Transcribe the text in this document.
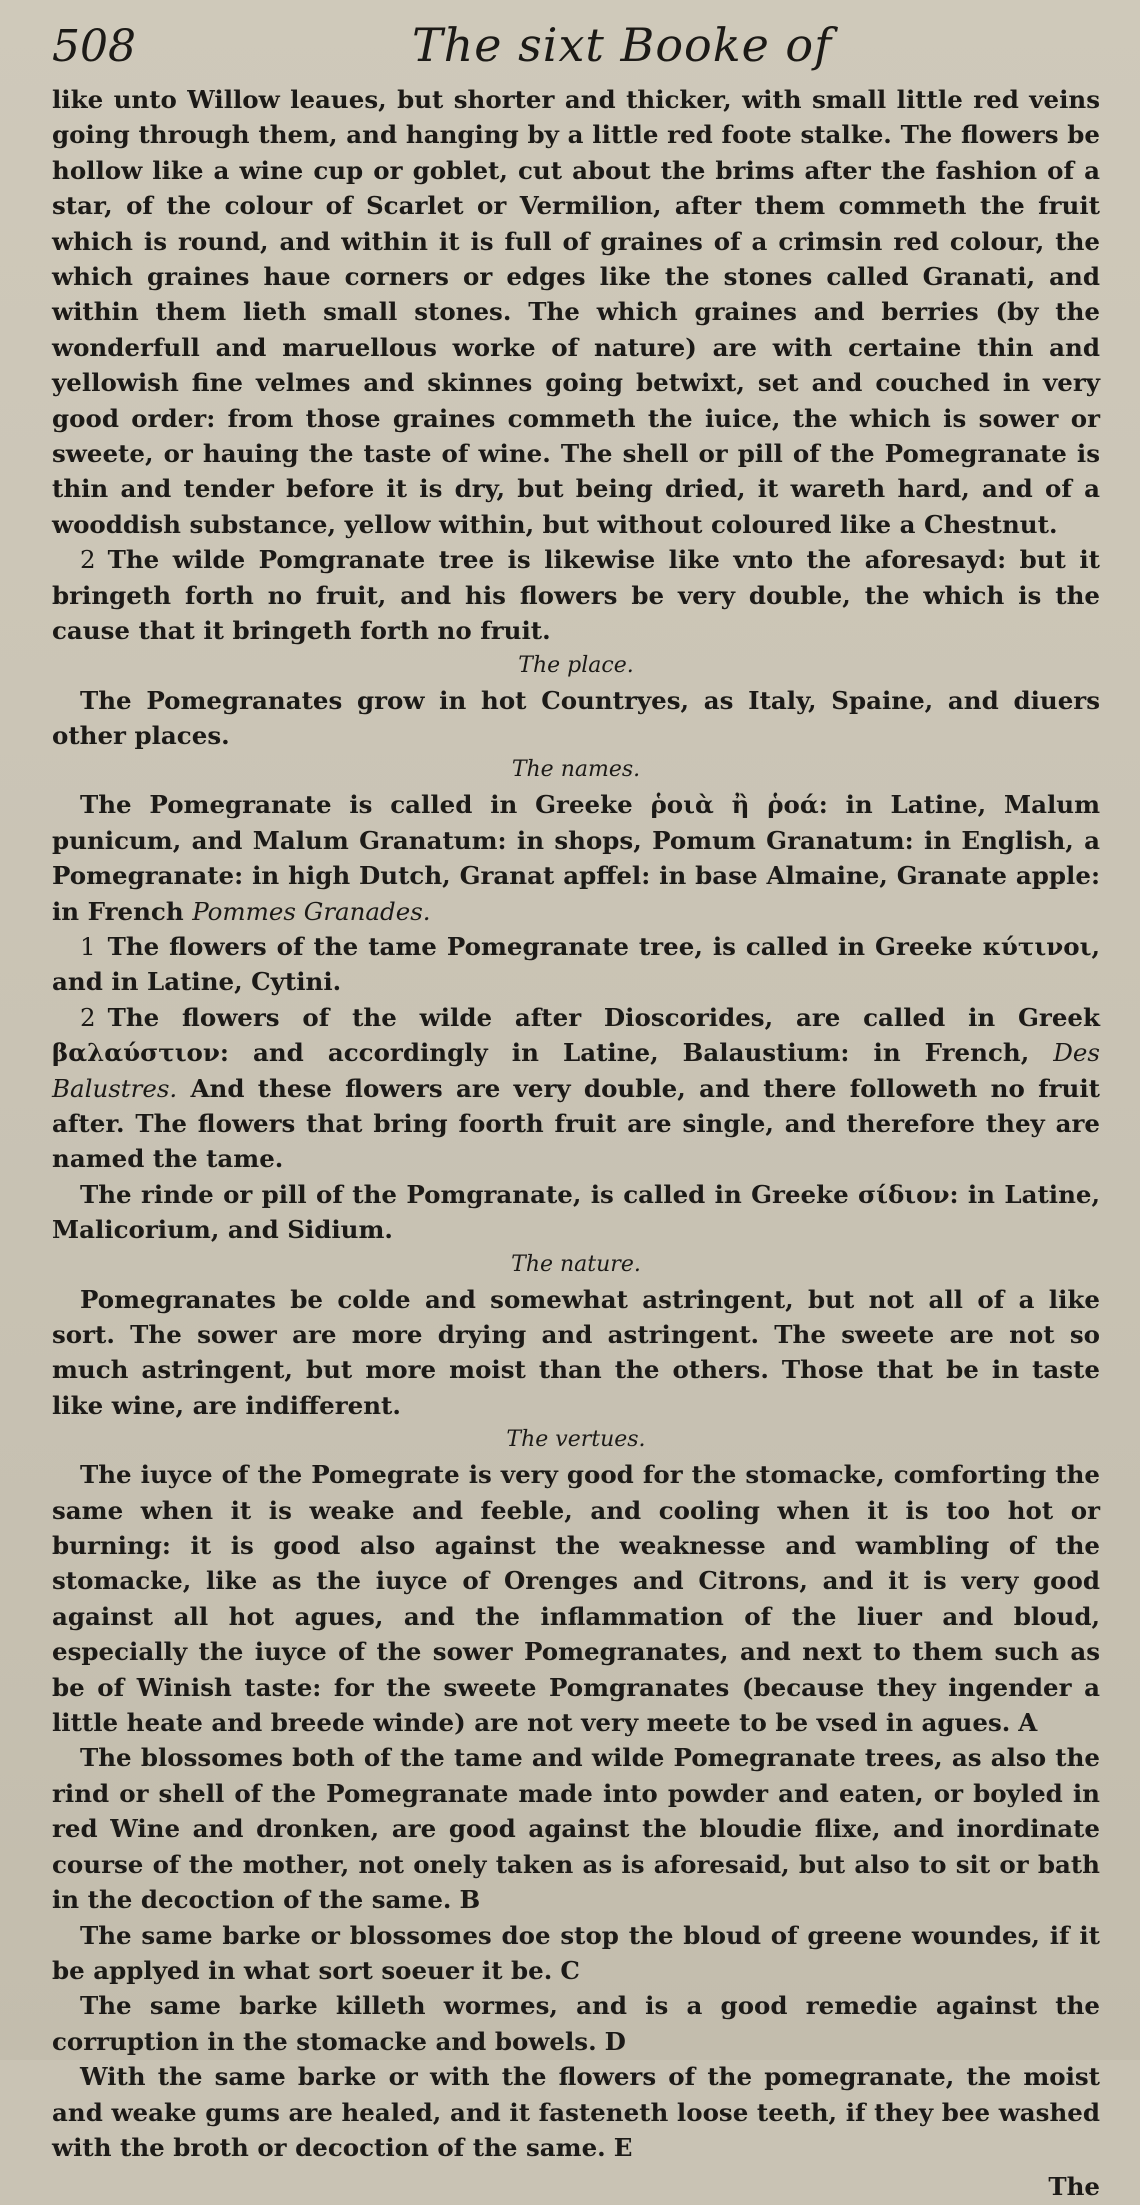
508	The sixt Booke of

like unto Willow leaues, but shorter and thicker, with small little red veins going through them, and hanging by a little red foote stalke. The flowers be hollow like a wine cup or goblet, cut about the brims after the fashion of a star, of the colour of Scarlet or Vermilion, after them commeth the fruit which is round, and within it is full of graines of a crimsin red colour, the which graines haue corners or edges like the stones called Granati, and within them lieth small stones. The which graines and berries (by the wonderfull and maruellous worke of nature) are with certaine thin and yellowish fine velmes and skinnes going betwixt, set and couched in very good order: from those graines commeth the iuice, the which is sower or sweete, or hauing the taste of wine. The shell or pill of the Pomegranate is thin and tender before it is dry, but being dried, it wareth hard, and of a wooddish substance, yellow within, but without coloured like a Chestnut.

2 The wilde Pomgranate tree is likewise like vnto the aforesayd: but it bringeth forth no fruit, and his flowers be very double, the which is the cause that it bringeth forth no fruit.

The place.

The Pomegranates grow in hot Countryes, as Italy, Spaine, and diuers other places.

The names.

The Pomegranate is called in Greeke ῥοιὰ ἢ ῥοά: in Latine, Malum punicum, and Malum Granatum: in shops, Pomum Granatum: in English, a Pomegranate: in high Dutch, Granat apffel: in base Almaine, Granate apple: in French Pommes Granades.

1 The flowers of the tame Pomegranate tree, is called in Greeke κύτινοι, and in Latine, Cytini.

2 The flowers of the wilde after Dioscorides, are called in Greek βαλαύστιον: and accordingly in Latine, Balaustium: in French, Des Balustres. And these flowers are very double, and there followeth no fruit after. The flowers that bring foorth fruit are single, and therefore they are named the tame.

The rinde or pill of the Pomgranate, is called in Greeke σίδιον: in Latine, Malicorium, and Sidium.

The nature.

Pomegranates be colde and somewhat astringent, but not all of a like sort. The sower are more drying and astringent. The sweete are not so much astringent, but more moist than the others. Those that be in taste like wine, are indifferent.

The vertues.

The iuyce of the Pomegrate is very good for the stomacke, comforting the same when it is weake and feeble, and cooling when it is too hot or burning: it is good also against the weaknesse and wambling of the stomacke, like as the iuyce of Orenges and Citrons, and it is very good against all hot agues, and the inflammation of the liuer and bloud, especially the iuyce of the sower Pomegranates, and next to them such as be of Winish taste: for the sweete Pomgranates (because they ingender a little heate and breede winde) are not very meete to be vsed in agues. A

The blossomes both of the tame and wilde Pomegranate trees, as also the rind or shell of the Pomegranate made into powder and eaten, or boyled in red Wine and dronken, are good against the bloudie flixe, and inordinate course of the mother, not onely taken as is aforesaid, but also to sit or bath in the decoction of the same. B

The same barke or blossomes doe stop the bloud of greene woundes, if it be applyed in what sort soeuer it be. C

The same barke killeth wormes, and is a good remedie against the corruption in the stomacke and bowels. D

With the same barke or with the flowers of the pomegranate, the moist and weake gums are healed, and it fasteneth loose teeth, if they bee washed with the broth or decoction of the same. E

The
